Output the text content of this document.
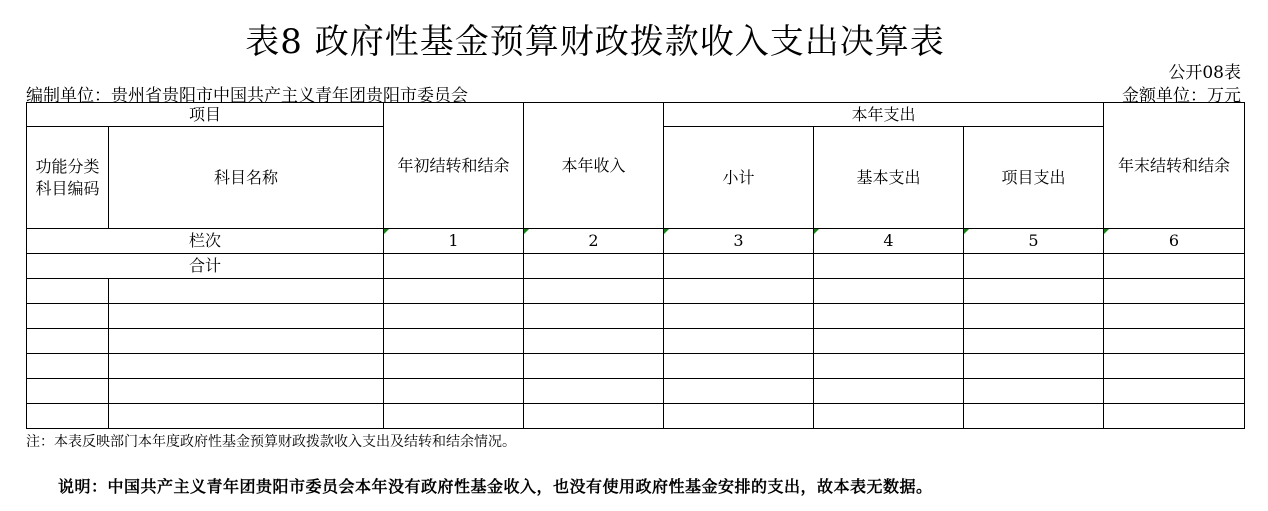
表8 政府性基金预算财政拨款收入支出决算表
公开08表
编制单位：贵州省贵阳市中国共产主义青年团贵阳市委员会	金额单位：万元
项目		年初结转和结余	本年收入	本年支出			年末结转和结余
功能分类科目编码	科目名称			小计	基本支出	项目支出	
栏次		1	2	3	4	5	6
合计							

注：本表反映部门本年度政府性基金预算财政拨款收入支出及结转和结余情况。
说明：中国共产主义青年团贵阳市委员会本年没有政府性基金收入，也没有使用政府性基金安排的支出，故本表无数据。
